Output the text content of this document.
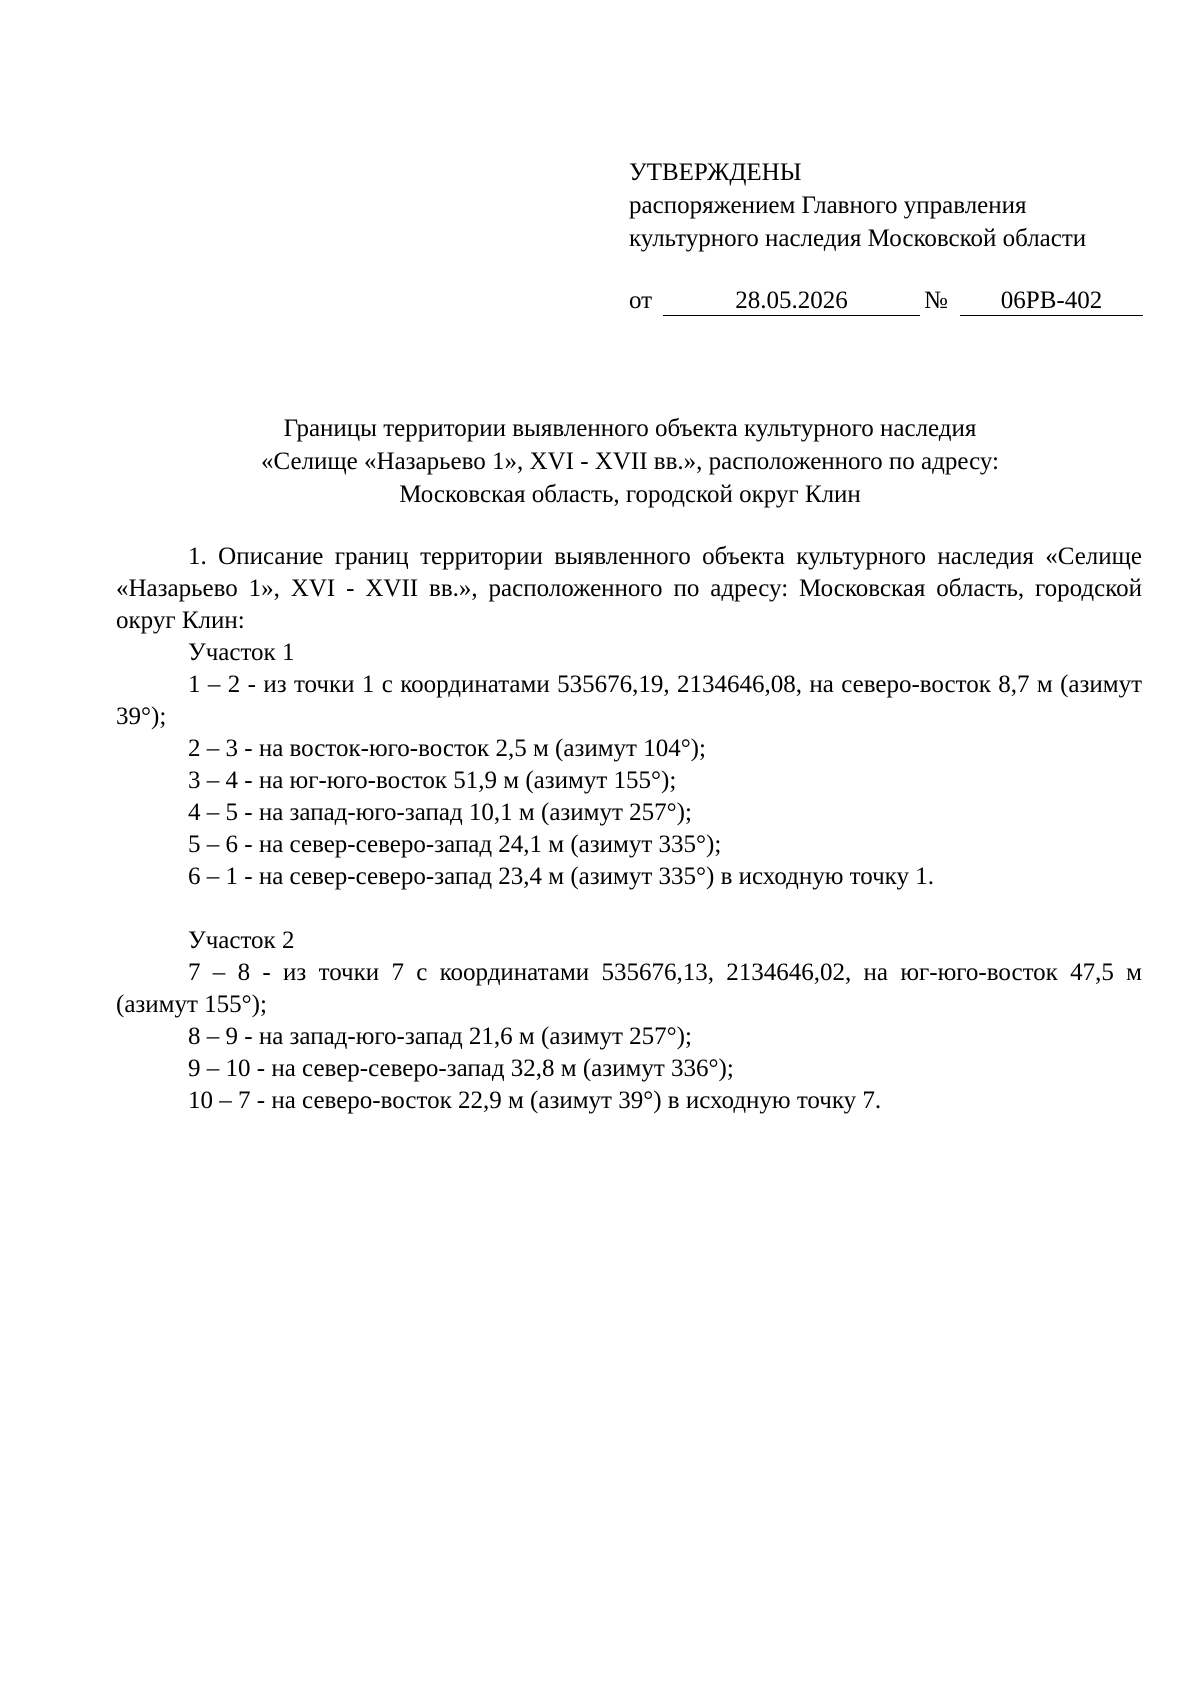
УТВЕРЖДЕНЫ
распоряжением Главного управления
культурного наследия Московской области
от	28.05.2026	№	06РВ-402
Границы территории выявленного объекта культурного наследия
«Селище «Назарьево 1», XVI - XVII вв.», расположенного по адресу:
Московская область, городской округ Клин

1. Описание границ территории выявленного объекта культурного наследия «Селище «Назарьево 1», XVI - XVII вв.», расположенного по адресу: Московская область, городской округ Клин:

Участок 1

1 – 2 - из точки 1 с координатами 535676,19, 2134646,08, на северо-восток 8,7 м (азимут 39°);

2 – 3 - на восток-юго-восток 2,5 м (азимут 104°);
3 – 4 - на юг-юго-восток 51,9 м (азимут 155°);
4 – 5 - на запад-юго-запад 10,1 м (азимут 257°);
5 – 6 - на север-северо-запад 24,1 м (азимут 335°);
6 – 1 - на север-северо-запад 23,4 м (азимут 335°) в исходную точку 1.
Участок 2

7 – 8 - из точки 7 с координатами 535676,13, 2134646,02, на юг-юго-восток 47,5 м (азимут 155°);

8 – 9 - на запад-юго-запад 21,6 м (азимут 257°);
9 – 10 - на север-северо-запад 32,8 м (азимут 336°);
10 – 7 - на северо-восток 22,9 м (азимут 39°) в исходную точку 7.
